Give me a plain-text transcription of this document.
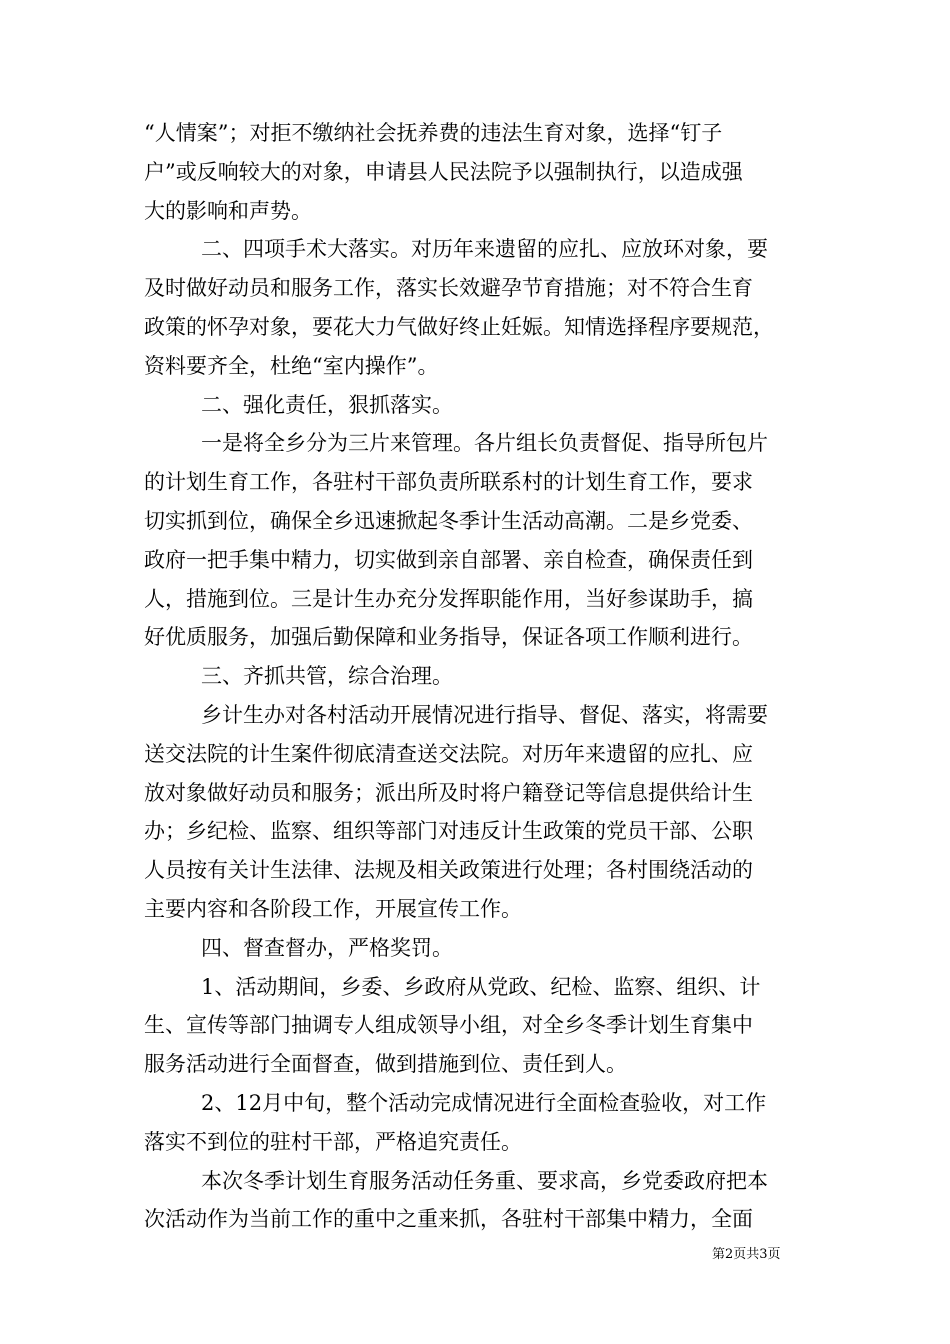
“人情案”；对拒不缴纳社会抚养费的违法生育对象，选择“钉子
户”或反响较大的对象，申请县人民法院予以强制执行，以造成强
大的影响和声势。
二、四项手术大落实。对历年来遗留的应扎、应放环对象，要
及时做好动员和服务工作，落实长效避孕节育措施；对不符合生育
政策的怀孕对象，要花大力气做好终止妊娠。知情选择程序要规范，
资料要齐全，杜绝“室内操作”。
二、强化责任，狠抓落实。
一是将全乡分为三片来管理。各片组长负责督促、指导所包片
的计划生育工作，各驻村干部负责所联系村的计划生育工作，要求
切实抓到位，确保全乡迅速掀起冬季计生活动高潮。二是乡党委、
政府一把手集中精力，切实做到亲自部署、亲自检查，确保责任到
人，措施到位。三是计生办充分发挥职能作用，当好参谋助手，搞
好优质服务，加强后勤保障和业务指导，保证各项工作顺利进行。
三、齐抓共管，综合治理。
乡计生办对各村活动开展情况进行指导、督促、落实，将需要
送交法院的计生案件彻底清查送交法院。对历年来遗留的应扎、应
放对象做好动员和服务；派出所及时将户籍登记等信息提供给计生
办；乡纪检、监察、组织等部门对违反计生政策的党员干部、公职
人员按有关计生法律、法规及相关政策进行处理；各村围绕活动的
主要内容和各阶段工作，开展宣传工作。
四、督查督办，严格奖罚。
1、活动期间，乡委、乡政府从党政、纪检、监察、组织、计
生、宣传等部门抽调专人组成领导小组，对全乡冬季计划生育集中
服务活动进行全面督查，做到措施到位、责任到人。
2、12月中旬，整个活动完成情况进行全面检查验收，对工作
落实不到位的驻村干部，严格追究责任。
本次冬季计划生育服务活动任务重、要求高，乡党委政府把本
次活动作为当前工作的重中之重来抓，各驻村干部集中精力，全面
第2页共3页
